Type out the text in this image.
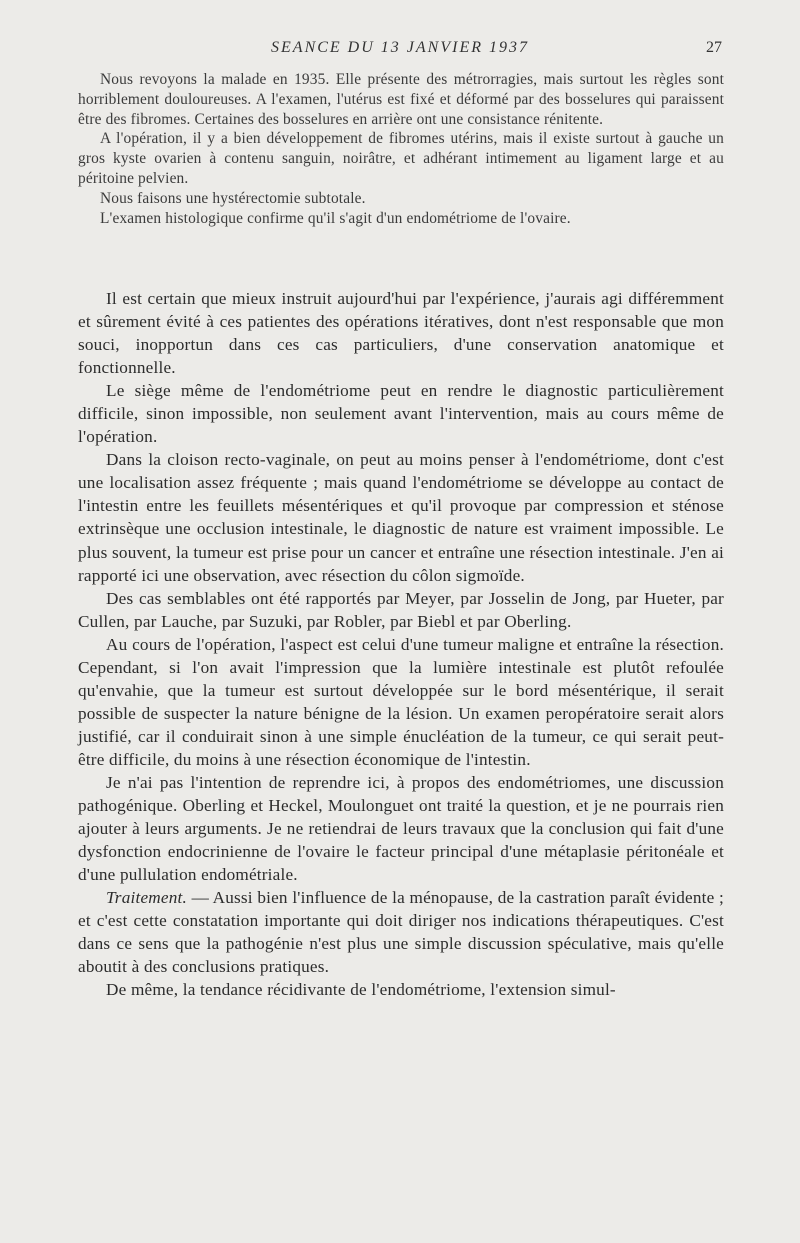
SEANCE DU 13 JANVIER 1937	27

Nous revoyons la malade en 1935. Elle présente des métrorragies, mais surtout les règles sont horriblement douloureuses. A l'examen, l'utérus est fixé et déformé par des bosselures qui paraissent être des fibromes. Certaines des bosselures en arrière ont une consistance rénitente.

A l'opération, il y a bien développement de fibromes utérins, mais il existe surtout à gauche un gros kyste ovarien à contenu sanguin, noirâtre, et adhérant intimement au ligament large et au péritoine pelvien.

Nous faisons une hystérectomie subtotale.

L'examen histologique confirme qu'il s'agit d'un endométriome de l'ovaire.

Il est certain que mieux instruit aujourd'hui par l'expérience, j'aurais agi différemment et sûrement évité à ces patientes des opérations itératives, dont n'est responsable que mon souci, inopportun dans ces cas particuliers, d'une conservation anatomique et fonctionnelle.

Le siège même de l'endométriome peut en rendre le diagnostic particulièrement difficile, sinon impossible, non seulement avant l'intervention, mais au cours même de l'opération.

Dans la cloison recto-vaginale, on peut au moins penser à l'endométriome, dont c'est une localisation assez fréquente ; mais quand l'endométriome se développe au contact de l'intestin entre les feuillets mésentériques et qu'il provoque par compression et sténose extrinsèque une occlusion intestinale, le diagnostic de nature est vraiment impossible. Le plus souvent, la tumeur est prise pour un cancer et entraîne une résection intestinale. J'en ai rapporté ici une observation, avec résection du côlon sigmoïde.

Des cas semblables ont été rapportés par Meyer, par Josselin de Jong, par Hueter, par Cullen, par Lauche, par Suzuki, par Robler, par Biebl et par Oberling.

Au cours de l'opération, l'aspect est celui d'une tumeur maligne et entraîne la résection. Cependant, si l'on avait l'impression que la lumière intestinale est plutôt refoulée qu'envahie, que la tumeur est surtout développée sur le bord mésentérique, il serait possible de suspecter la nature bénigne de la lésion. Un examen peropératoire serait alors justifié, car il conduirait sinon à une simple énucléation de la tumeur, ce qui serait peut-être difficile, du moins à une résection économique de l'intestin.

Je n'ai pas l'intention de reprendre ici, à propos des endométriomes, une discussion pathogénique. Oberling et Heckel, Moulonguet ont traité la question, et je ne pourrais rien ajouter à leurs arguments. Je ne retiendrai de leurs travaux que la conclusion qui fait d'une dysfonction endocrinienne de l'ovaire le facteur principal d'une métaplasie péritonéale et d'une pullulation endométriale.

Traitement. — Aussi bien l'influence de la ménopause, de la castration paraît évidente ; et c'est cette constatation importante qui doit diriger nos indications thérapeutiques. C'est dans ce sens que la pathogénie n'est plus une simple discussion spéculative, mais qu'elle aboutit à des conclusions pratiques.

De même, la tendance récidivante de l'endométriome, l'extension simul-
